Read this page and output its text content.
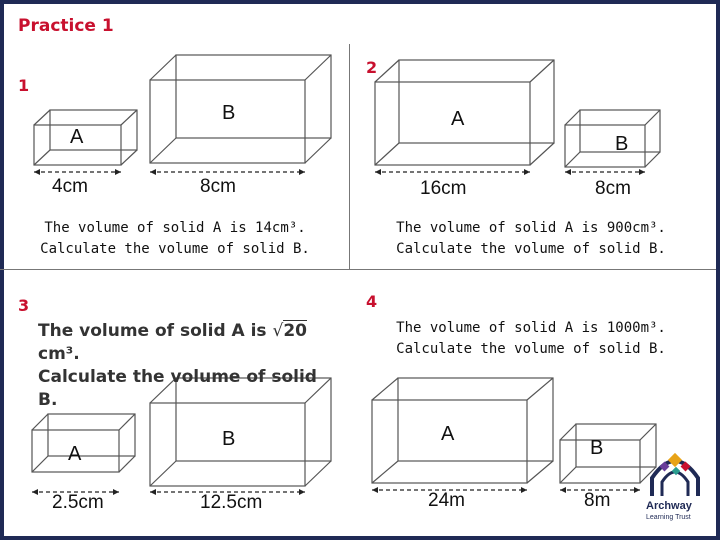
Practice 1
1
A
B
4cm	8cm
The volume of solid A is 14cm³.
Calculate the volume of solid B.
2
A
B
16cm	8cm
The volume of solid A is 900cm³.
Calculate the volume of solid B.
3
The volume of solid A is √20 cm³.
Calculate the volume of solid B.
A
B
2.5cm	12.5cm
4
The volume of solid A is 1000m³.
Calculate the volume of solid B.
A
B
24m	8m	Archway
Learning Trust
